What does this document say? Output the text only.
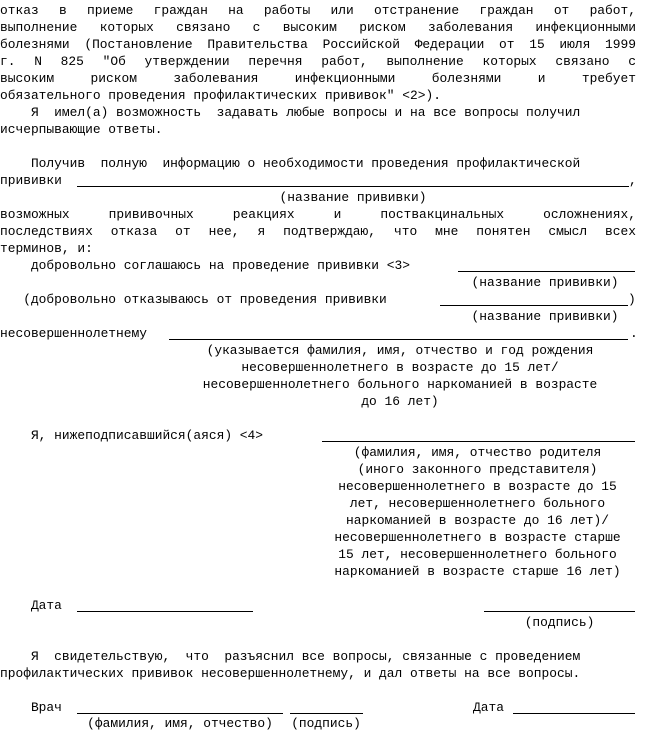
отказ в приеме граждан на работы или отстранение граждан от работ,
выполнение которых связано с высоким риском заболевания инфекционными
болезнями (Постановление Правительства Российской Федерации от 15 июля 1999
г. N 825 "Об утверждении перечня работ, выполнение которых связано с
высоким риском заболевания инфекционными болезнями и требует
обязательного проведения профилактических прививок" <2>).
Я  имел(а) возможность  задавать любые вопросы и на все вопросы получил
исчерпывающие ответы.
Получив  полную  информацию о необходимости проведения профилактической
прививки	,
(название прививки)
возможных прививочных реакциях и поствакцинальных осложнениях,
последствиях отказа от нее, я подтверждаю, что мне понятен смысл всех
терминов, и:
добровольно соглашаюсь на проведение прививки <3>
(название прививки)
(добровольно отказываюсь от проведения прививки	)
(название прививки)
несовершеннолетнему	.
(указывается фамилия, имя, отчество и год рождения
несовершеннолетнего в возрасте до 15 лет/
несовершеннолетнего больного наркоманией в возрасте
до 16 лет)
Я, нижеподписавшийся(аяся) <4>
(фамилия, имя, отчество родителя
(иного законного представителя)
несовершеннолетнего в возрасте до 15
лет, несовершеннолетнего больного
наркоманией в возрасте до 16 лет)/
несовершеннолетнего в возрасте старше
15 лет, несовершеннолетнего больного
наркоманией в возрасте старше 16 лет)
Дата
(подпись)
Я  свидетельствую,  что  разъяснил все вопросы, связанные с проведением
профилактических прививок несовершеннолетнему, и дал ответы на все вопросы.
Врач	Дата
(фамилия, имя, отчество)	(подпись)
